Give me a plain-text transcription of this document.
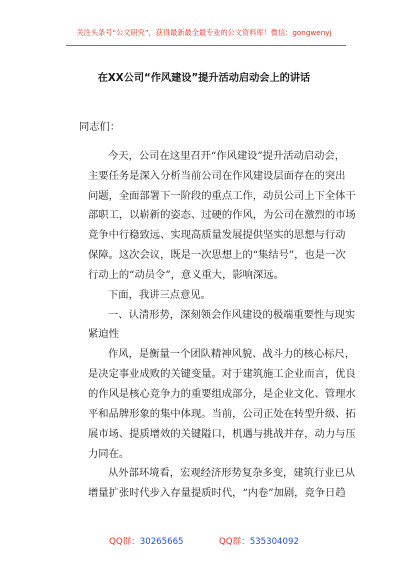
关注头条号“公文研究”，获得最新最全最专业的公文资料库！微信：gongwenyj
在XX公司“作风建设”提升活动启动会上的讲话
同志们：
今天，公司在这里召开“作风建设”提升活动启动会，
主要任务是深入分析当前公司在作风建设层面存在的突出
问题，全面部署下一阶段的重点工作，动员公司上下全体干
部职工，以崭新的姿态、过硬的作风，为公司在激烈的市场
竞争中行稳致远、实现高质量发展提供坚实的思想与行动
保障。这次会议，既是一次思想上的“集结号”，也是一次
行动上的“动员令”，意义重大，影响深远。
下面，我讲三点意见。
一、认清形势，深刻领会作风建设的极端重要性与现实
紧迫性
作风，是衡量一个团队精神风貌、战斗力的核心标尺，
是决定事业成败的关键变量。对于建筑施工企业而言，优良
的作风是核心竞争力的重要组成部分，是企业文化、管理水
平和品牌形象的集中体现。当前，公司正处在转型升级、拓
展市场、提质增效的关键隘口，机遇与挑战并存，动力与压
力同在。
从外部环境看，宏观经济形势复杂多变，建筑行业已从
增量扩张时代步入存量提质时代，“内卷”加剧，竞争日趋
QQ群：30265665	QQ群：535304092
